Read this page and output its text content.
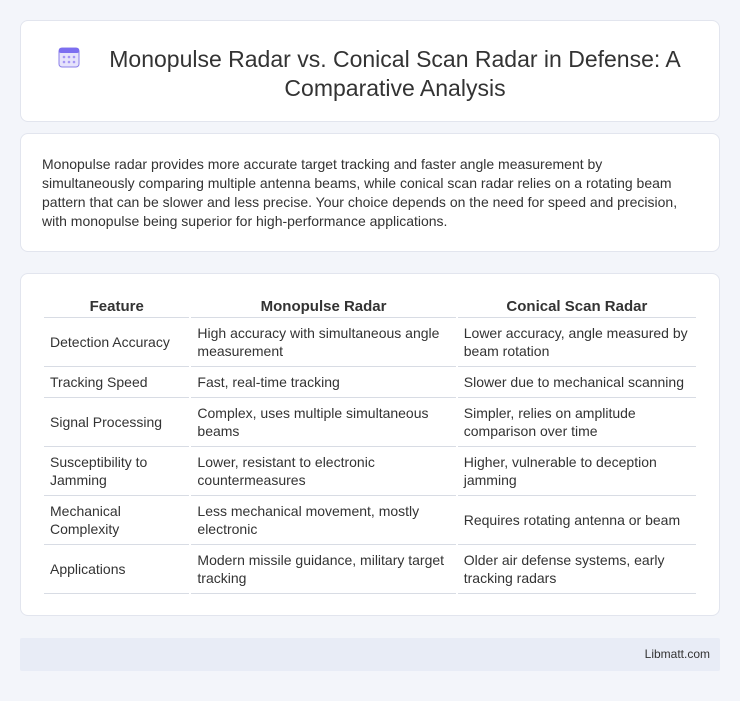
Monopulse Radar vs. Conical Scan Radar in Defense: A
Comparative Analysis

Monopulse radar provides more accurate target tracking and faster angle measurement by simultaneously comparing multiple antenna beams, while conical scan radar relies on a rotating beam pattern that can be slower and less precise. Your choice depends on the need for speed and precision, with monopulse being superior for high-performance applications.

Feature	Monopulse Radar	Conical Scan Radar
Detection Accuracy	High accuracy with simultaneous angle measurement	Lower accuracy, angle measured by beam rotation
Tracking Speed	Fast, real-time tracking	Slower due to mechanical scanning
Signal Processing	Complex, uses multiple simultaneous beams	Simpler, relies on amplitude comparison over time
Susceptibility to Jamming	Lower, resistant to electronic countermeasures	Higher, vulnerable to deception jamming
Mechanical Complexity	Less mechanical movement, mostly electronic	Requires rotating antenna or beam
Applications	Modern missile guidance, military target tracking	Older air defense systems, early tracking radars
Libmatt.com
